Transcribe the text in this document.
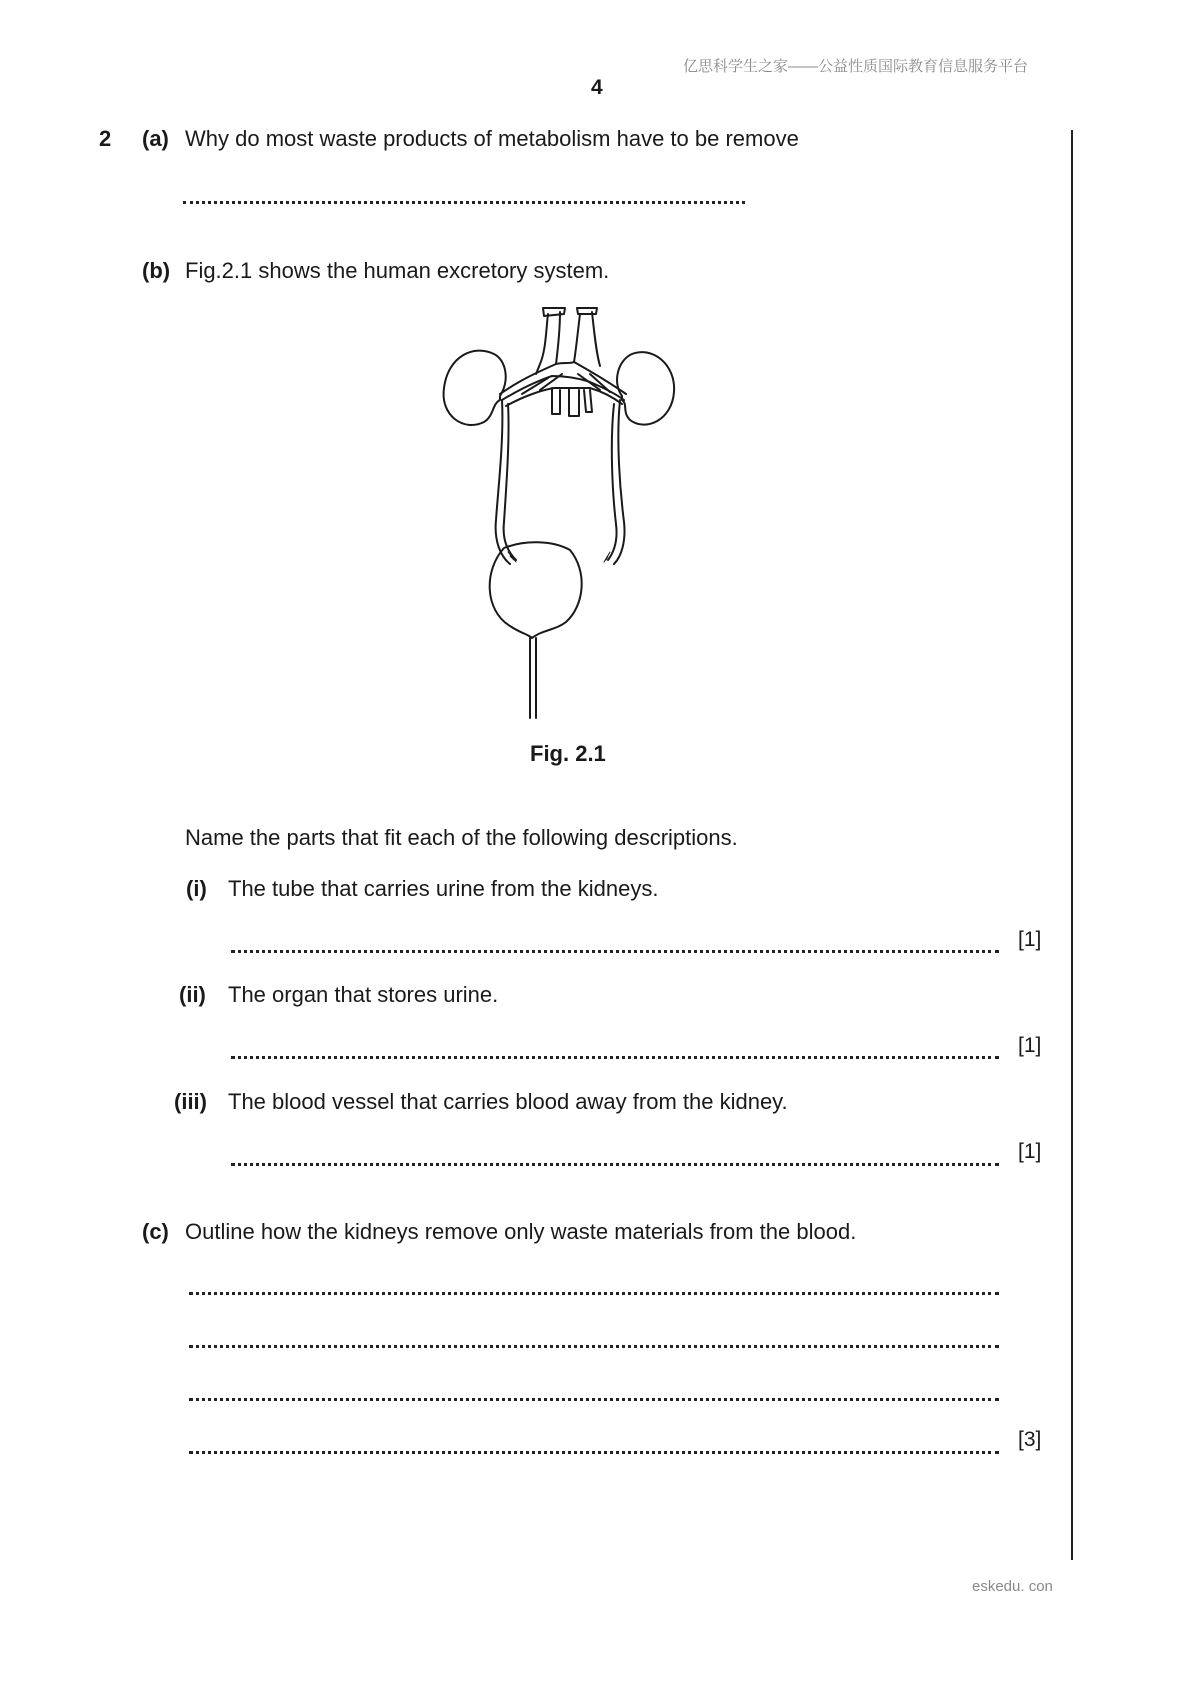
亿思科学生之家——公益性质国际教育信息服务平台
4
2 (a) Why do most waste products of metabolism have to be remove
(b) Fig.2.1 shows the human excretory system.
Fig. 2.1
Name the parts that fit each of the following descriptions.
(i) The tube that carries urine from the kidneys.
[1]
(ii) The organ that stores urine.
[1]
(iii) The blood vessel that carries blood away from the kidney.
[1]
(c) Outline how the kidneys remove only waste materials from the blood.
[3]
eskedu. con
